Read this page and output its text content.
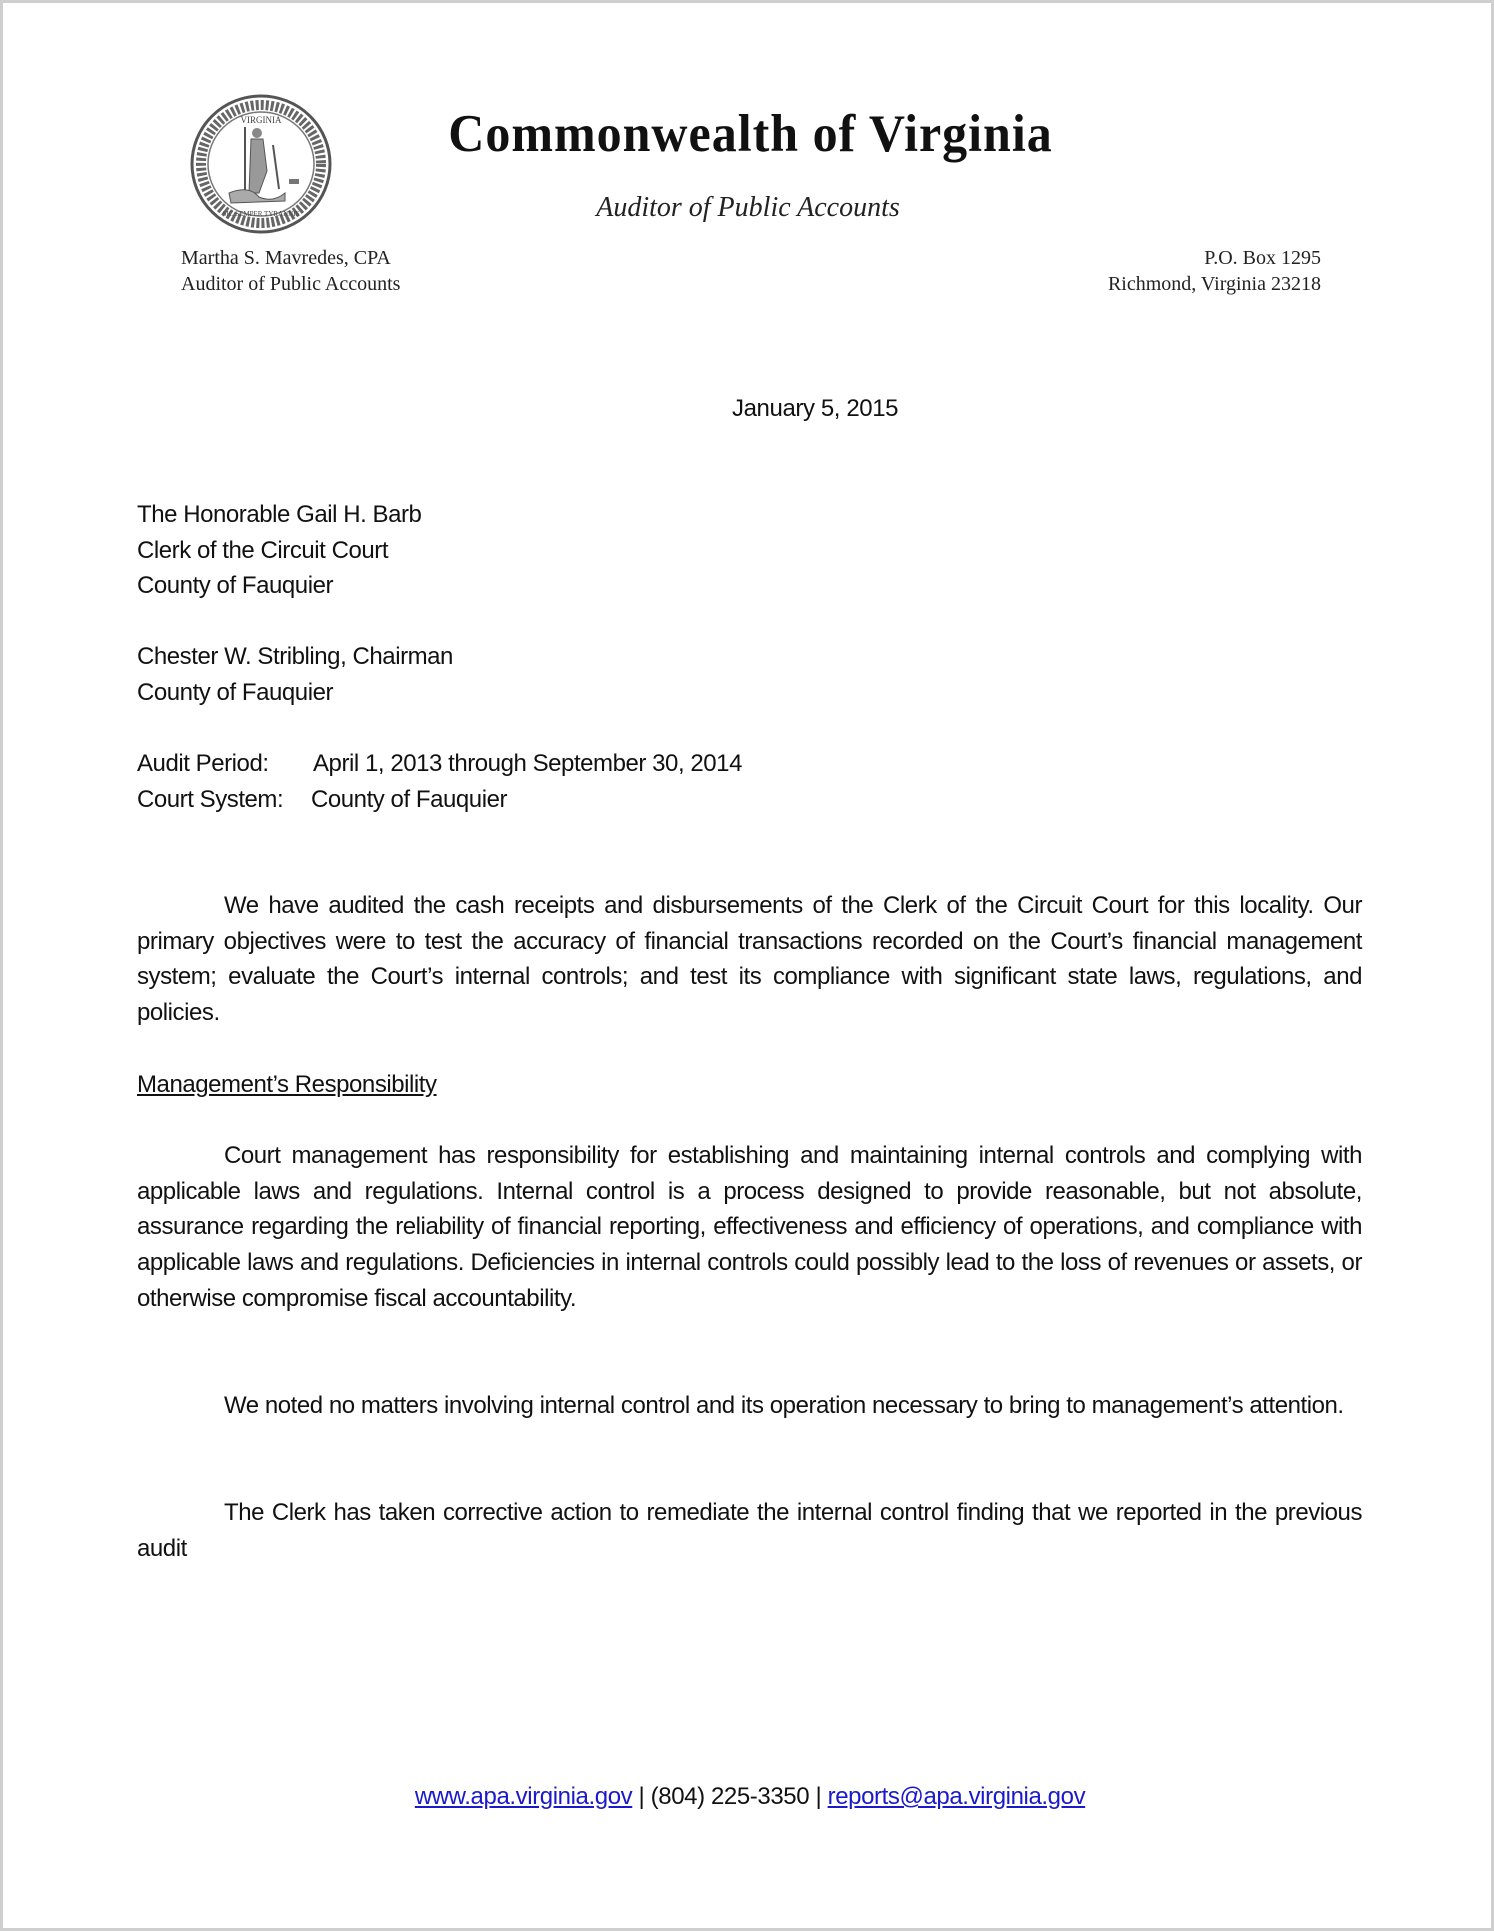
VIRGINIA
SIC SEMPER TYRANNIS
Commonwealth of Virginia
Auditor of Public Accounts
Martha S. Mavredes, CPA
Auditor of Public Accounts
P.O. Box 1295
Richmond, Virginia 23218
January 5, 2015
The Honorable Gail H. Barb
Clerk of the Circuit Court
County of Fauquier
Chester W. Stribling, Chairman
County of Fauquier
Audit Period: April 1, 2013 through September 30, 2014
Court System: County of Fauquier
We have audited the cash receipts and disbursements of the Clerk of the Circuit Court for this locality. Our primary objectives were to test the accuracy of financial transactions recorded on the Court’s financial management system; evaluate the Court’s internal controls; and test its compliance with significant state laws, regulations, and policies.
Management’s Responsibility
Court management has responsibility for establishing and maintaining internal controls and complying with applicable laws and regulations. Internal control is a process designed to provide reasonable, but not absolute, assurance regarding the reliability of financial reporting, effectiveness and efficiency of operations, and compliance with applicable laws and regulations. Deficiencies in internal controls could possibly lead to the loss of revenues or assets, or otherwise compromise fiscal accountability.
We noted no matters involving internal control and its operation necessary to bring to management’s attention.
The Clerk has taken corrective action to remediate the internal control finding that we reported in the previous audit
www.apa.virginia.gov | (804) 225-3350 | reports@apa.virginia.gov
